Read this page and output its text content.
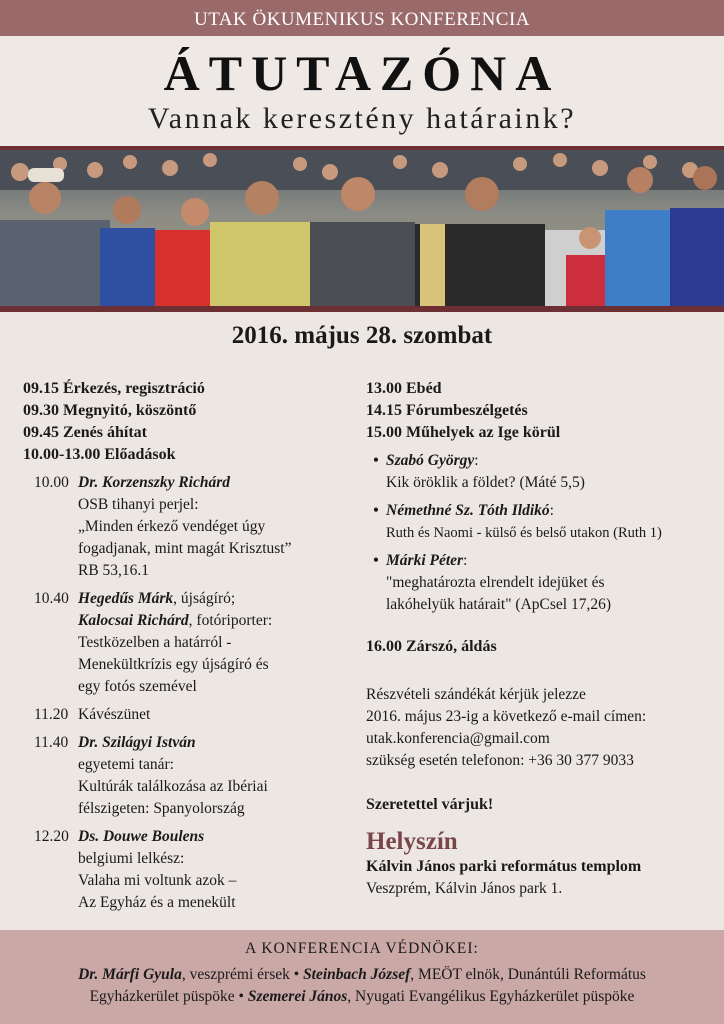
UTAK ÖKUMENIKUS KONFERENCIA
ÁTUTAZÓNA
Vannak keresztény határaink?
2016. május 28. szombat
09.15 Érkezés, regisztráció
09.30 Megnyitó, köszöntő
09.45 Zenés áhítat
10.00-13.00 Előadások
10.00 Dr. Korzenszky Richárd
OSB tihanyi perjel:
„Minden érkező vendéget úgy
fogadjanak, mint magát Krisztust”
RB 53,16.1
10.40 Hegedűs Márk, újságíró;
Kalocsai Richárd, fotóriporter:
Testközelben a határról -
Menekültkrízis egy újságíró és
egy fotós szemével
11.20 Kávészünet
11.40 Dr. Szilágyi István
egyetemi tanár:
Kultúrák találkozása az Ibériai
félszigeten: Spanyolország
12.20 Ds. Douwe Boulens
belgiumi lelkész:
Valaha mi voltunk azok –
Az Egyház és a menekült
13.00 Ebéd
14.15 Fórumbeszélgetés
15.00 Műhelyek az Ige körül
• Szabó György:
Kik öröklik a földet? (Máté 5,5)
• Némethné Sz. Tóth Ildikó:
Ruth és Naomi - külső és belső utakon (Ruth 1)
• Márki Péter:
"meghatározta elrendelt idejüket és
lakóhelyük határait" (ApCsel 17,26)
16.00 Zárszó, áldás
Részvételi szándékát kérjük jelezze
2016. május 23-ig a következő e-mail címen:
utak.konferencia@gmail.com
szükség esetén telefonon: +36 30 377 9033
Szeretettel várjuk!
Helyszín
Kálvin János parki református templom
Veszprém, Kálvin János park 1.
A KONFERENCIA VÉDNÖKEI:
Dr. Márfi Gyula, veszprémi érsek • Steinbach József, MEÖT elnök, Dunántúli Református
Egyházkerület püspöke • Szemerei János, Nyugati Evangélikus Egyházkerület püspöke
